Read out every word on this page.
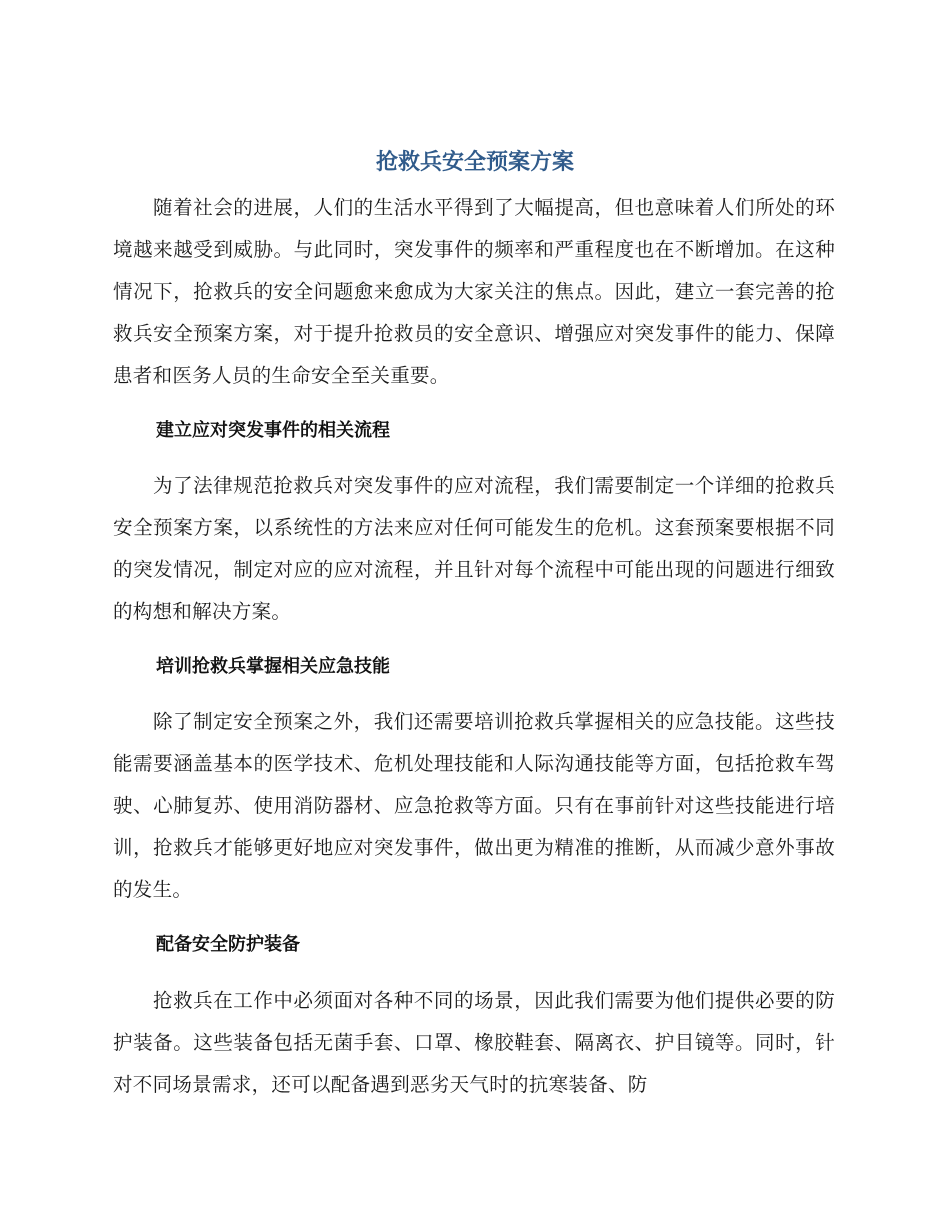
抢救兵安全预案方案

随着社会的进展，人们的生活水平得到了大幅提高，但也意味着人们所处的环境越来越受到威胁。与此同时，突发事件的频率和严重程度也在不断增加。在这种情况下，抢救兵的安全问题愈来愈成为大家关注的焦点。因此，建立一套完善的抢救兵安全预案方案，对于提升抢救员的安全意识、增强应对突发事件的能力、保障患者和医务人员的生命安全至关重要。

建立应对突发事件的相关流程

为了法律规范抢救兵对突发事件的应对流程，我们需要制定一个详细的抢救兵安全预案方案，以系统性的方法来应对任何可能发生的危机。这套预案要根据不同的突发情况，制定对应的应对流程，并且针对每个流程中可能出现的问题进行细致的构想和解决方案。

培训抢救兵掌握相关应急技能

除了制定安全预案之外，我们还需要培训抢救兵掌握相关的应急技能。这些技能需要涵盖基本的医学技术、危机处理技能和人际沟通技能等方面，包括抢救车驾驶、心肺复苏、使用消防器材、应急抢救等方面。只有在事前针对这些技能进行培训，抢救兵才能够更好地应对突发事件，做出更为精准的推断，从而减少意外事故的发生。

配备安全防护装备

抢救兵在工作中必须面对各种不同的场景，因此我们需要为他们提供必要的防护装备。这些装备包括无菌手套、口罩、橡胶鞋套、隔离衣、护目镜等。同时，针对不同场景需求，还可以配备遇到恶劣天气时的抗寒装备、防
